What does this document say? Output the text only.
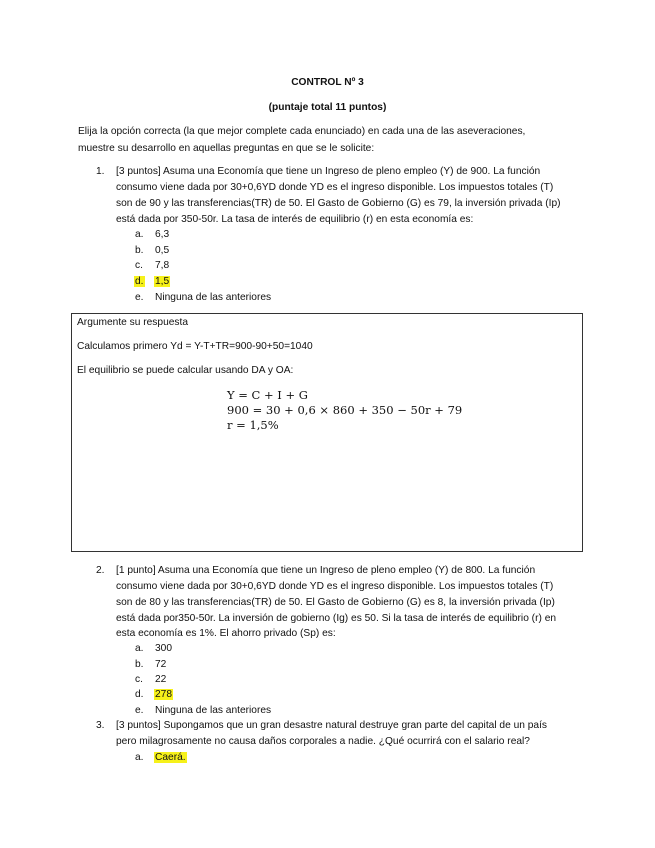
CONTROL Nº 3
(puntaje total 11 puntos)
Elija la opción correcta (la que mejor complete cada enunciado) en cada una de las aseveraciones,
muestre su desarrollo en aquellas preguntas en que se le solicite:
1. [3 puntos] Asuma una Economía que tiene un Ingreso de pleno empleo (Y) de 900. La función
consumo viene dada por 30+0,6YD donde YD es el ingreso disponible. Los impuestos totales (T)
son de 90 y las transferencias(TR) de 50. El Gasto de Gobierno (G) es 79, la inversión privada (Ip)
está dada por 350-50r. La tasa de interés de equilibrio (r) en esta economía es:
a. 6,3
b. 0,5
c. 7,8
d. 1,5
e. Ninguna de las anteriores
Argumente su respuesta
Calculamos primero Yd = Y-T+TR=900-90+50=1040
El equilibrio se puede calcular usando DA y OA:
Y = C + I + G
900 = 30 + 0,6 × 860 + 350 − 50r + 79
r = 1,5%
2. [1 punto] Asuma una Economía que tiene un Ingreso de pleno empleo (Y) de 800. La función
consumo viene dada por 30+0,6YD donde YD es el ingreso disponible. Los impuestos totales (T)
son de 80 y las transferencias(TR) de 50. El Gasto de Gobierno (G) es 8, la inversión privada (Ip)
está dada por350-50r. La inversión de gobierno (Ig) es 50. Si la tasa de interés de equilibrio (r) en
esta economía es 1%. El ahorro privado (Sp) es:
a. 300
b. 72
c. 22
d. 278
e. Ninguna de las anteriores
3. [3 puntos] Supongamos que un gran desastre natural destruye gran parte del capital de un país
pero milagrosamente no causa daños corporales a nadie. ¿Qué ocurrirá con el salario real?
a. Caerá.
